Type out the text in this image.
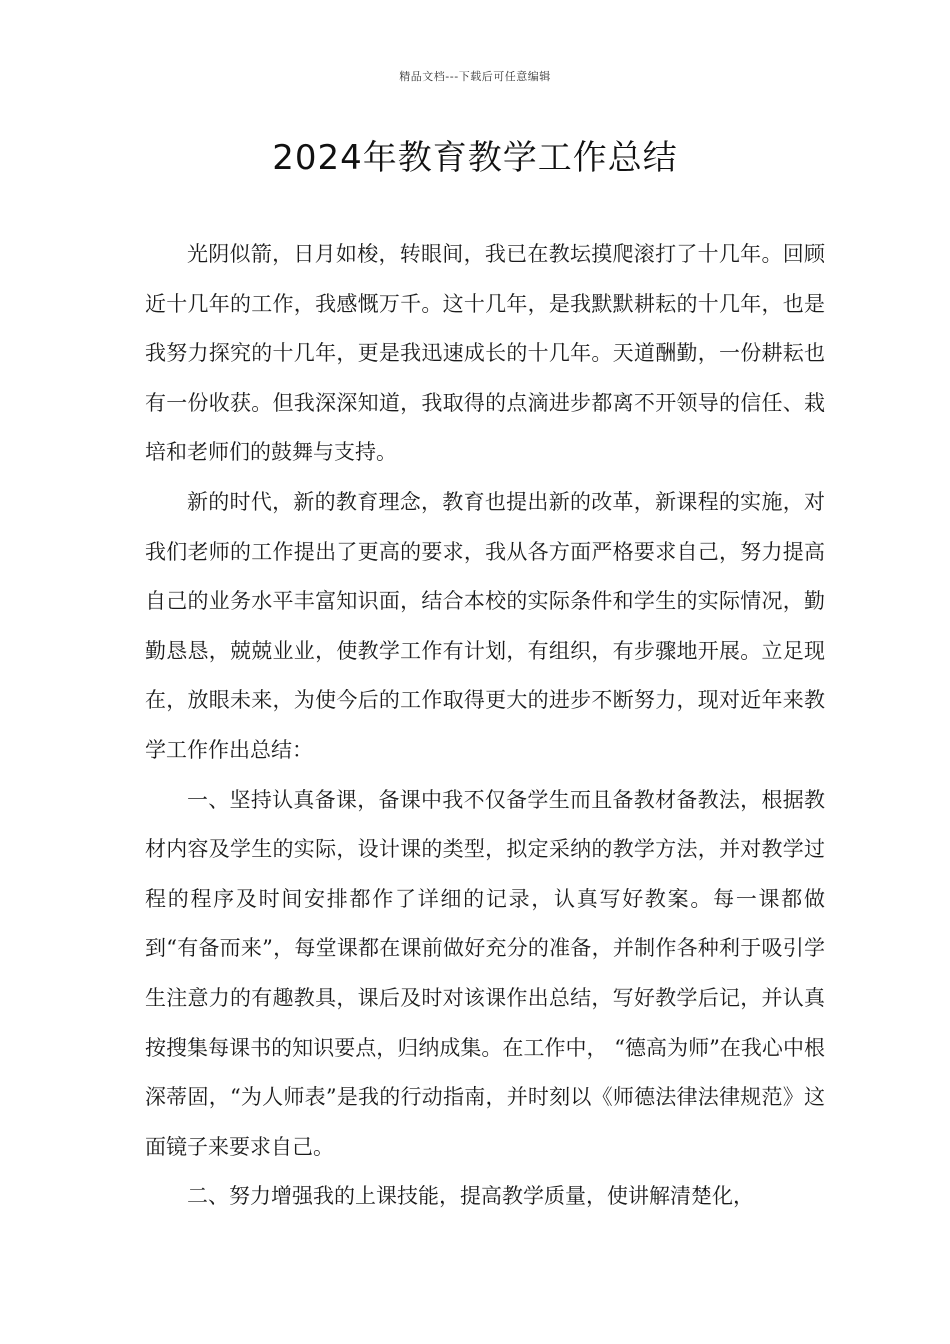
精品文档---下载后可任意编辑
2024年教育教学工作总结

光阴似箭，日月如梭，转眼间，我已在教坛摸爬滚打了十几年。回顾近十几年的工作，我感慨万千。这十几年，是我默默耕耘的十几年，也是我努力探究的十几年，更是我迅速成长的十几年。天道酬勤，一份耕耘也有一份收获。但我深深知道，我取得的点滴进步都离不开领导的信任、栽培和老师们的鼓舞与支持。

新的时代，新的教育理念，教育也提出新的改革，新课程的实施，对我们老师的工作提出了更高的要求，我从各方面严格要求自己，努力提高自己的业务水平丰富知识面，结合本校的实际条件和学生的实际情况，勤勤恳恳，兢兢业业，使教学工作有计划，有组织，有步骤地开展。立足现在，放眼未来，为使今后的工作取得更大的进步不断努力，现对近年来教学工作作出总结：

一、坚持认真备课，备课中我不仅备学生而且备教材备教法，根据教材内容及学生的实际，设计课的类型，拟定采纳的教学方法，并对教学过程的程序及时间安排都作了详细的记录，认真写好教案。每一课都做到“有备而来”，每堂课都在课前做好充分的准备，并制作各种利于吸引学生注意力的有趣教具，课后及时对该课作出总结，写好教学后记，并认真按搜集每课书的知识要点，归纳成集。在工作中， “德高为师”在我心中根深蒂固，“为人师表”是我的行动指南，并时刻以《师德法律法律规范》这面镜子来要求自己。

二、努力增强我的上课技能，提高教学质量，使讲解清楚化，
